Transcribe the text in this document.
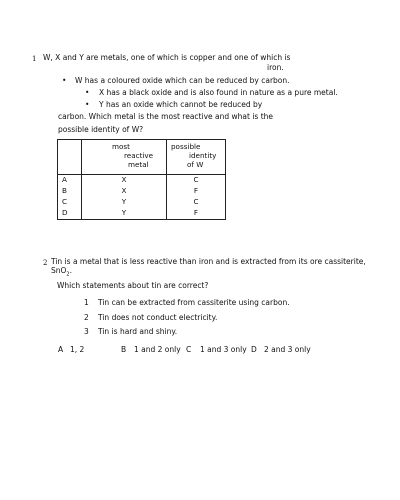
1 W, X and Y are metals, one of which is copper and one of which is
iron.
• W has a coloured oxide which can be reduced by carbon.
• X has a black oxide and is also found in nature as a pure metal.
• Y has an oxide which cannot be reduced by
carbon. Which metal is the most reactive and what is the
possible identity of W?

	most
reactive
metal	possible
identity
of W

A	X	C
B	X	F
C	Y	C
D	Y	F
2 Tin is a metal that is less reactive than iron and is extracted from its ore cassiterite,
SnO$_2$.
Which statements about tin are correct?
1 Tin can be extracted from cassiterite using carbon.
2 Tin does not conduct electricity.
3 Tin is hard and shiny.
A 1, 2	B 1 and 2 only C 1 and 3 only D 2 and 3 only
